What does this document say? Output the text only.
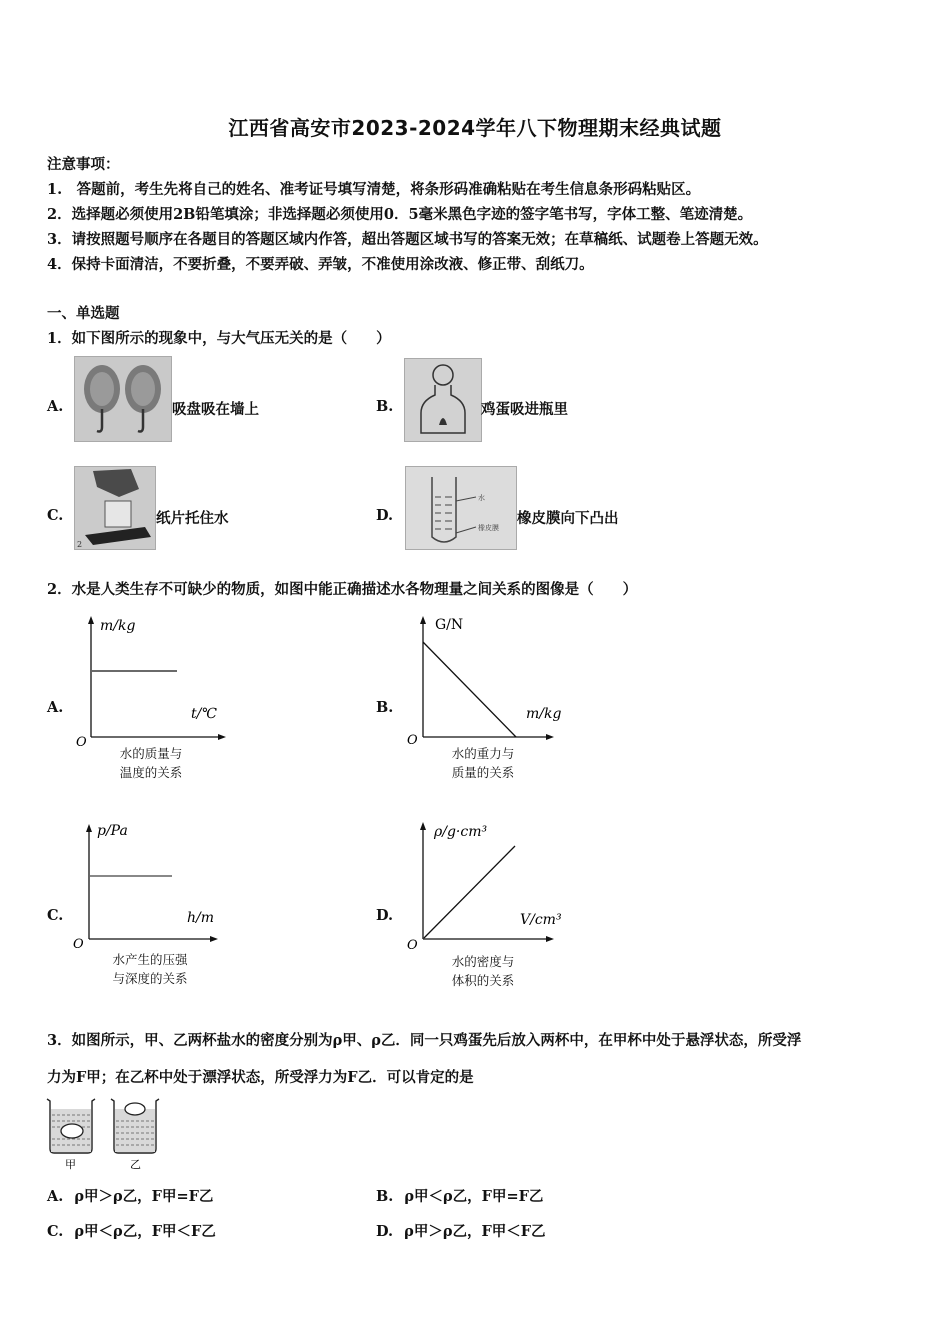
江西省高安市2023-2024学年八下物理期末经典试题
注意事项：
1.　答题前，考生先将自己的姓名、准考证号填写清楚，将条形码准确粘贴在考生信息条形码粘贴区。
2．选择题必须使用2B铅笔填涂；非选择题必须使用0．5毫米黑色字迹的签字笔书写，字体工整、笔迹清楚。
3．请按照题号顺序在各题目的答题区域内作答，超出答题区域书写的答案无效；在草稿纸、试题卷上答题无效。
4．保持卡面清洁，不要折叠，不要弄破、弄皱，不准使用涂改液、修正带、刮纸刀。
一、单选题
1．如下图所示的现象中，与大气压无关的是（　　）
A.	吸盘吸在墙上	B.	鸡蛋吸进瓶里
C.
2
纸片托住水	D.
水
橡皮膜
橡皮膜向下凸出
2．水是人类生存不可缺少的物质，如图中能正确描述水各物理量之间关系的图像是（　　）
A.
m/kg
t/℃
O
水的质量与
温度的关系
B.
G/N
m/kg
O
水的重力与
质量的关系
C.
p/Pa
h/m
O
水产生的压强
与深度的关系
D.
ρ/g·cm³
V/cm³
O
水的密度与
体积的关系
3．如图所示，甲、乙两杯盐水的密度分别为ρ甲、ρ乙．同一只鸡蛋先后放入两杯中，在甲杯中处于悬浮状态，所受浮
力为F甲；在乙杯中处于漂浮状态，所受浮力为F乙．可以肯定的是
甲	乙
A. ρ甲＞ρ乙，F甲=F乙	B. ρ甲＜ρ乙，F甲=F乙
C. ρ甲＜ρ乙，F甲＜F乙	D. ρ甲＞ρ乙，F甲＜F乙
